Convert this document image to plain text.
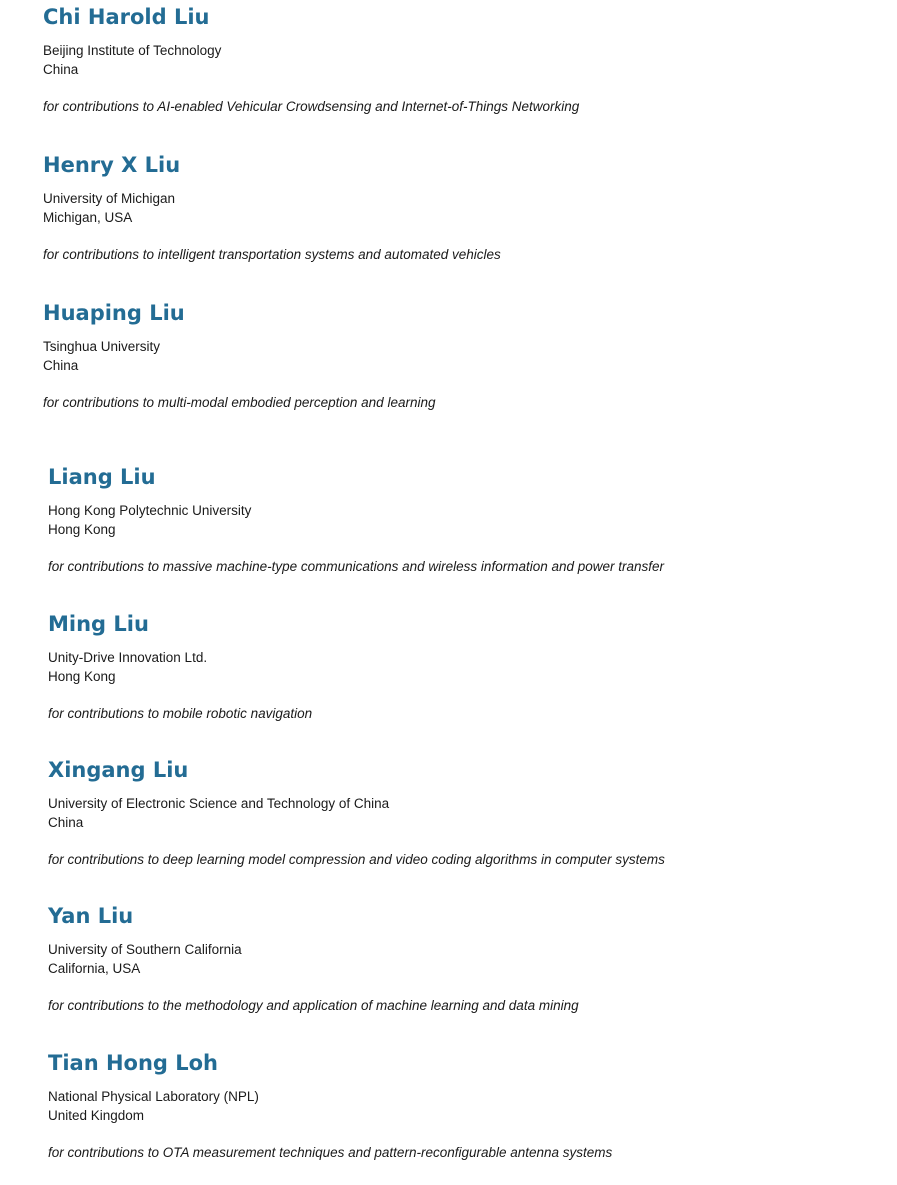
Chi Harold Liu
Beijing Institute of Technology
China
for contributions to AI-enabled Vehicular Crowdsensing and Internet-of-Things Networking
Henry X Liu
University of Michigan
Michigan, USA
for contributions to intelligent transportation systems and automated vehicles
Huaping Liu
Tsinghua University
China
for contributions to multi-modal embodied perception and learning
Liang Liu
Hong Kong Polytechnic University
Hong Kong
for contributions to massive machine-type communications and wireless information and power transfer
Ming Liu
Unity-Drive Innovation Ltd.
Hong Kong
for contributions to mobile robotic navigation
Xingang Liu
University of Electronic Science and Technology of China
China
for contributions to deep learning model compression and video coding algorithms in computer systems
Yan Liu
University of Southern California
California, USA
for contributions to the methodology and application of machine learning and data mining
Tian Hong Loh
National Physical Laboratory (NPL)
United Kingdom
for contributions to OTA measurement techniques and pattern-reconfigurable antenna systems
